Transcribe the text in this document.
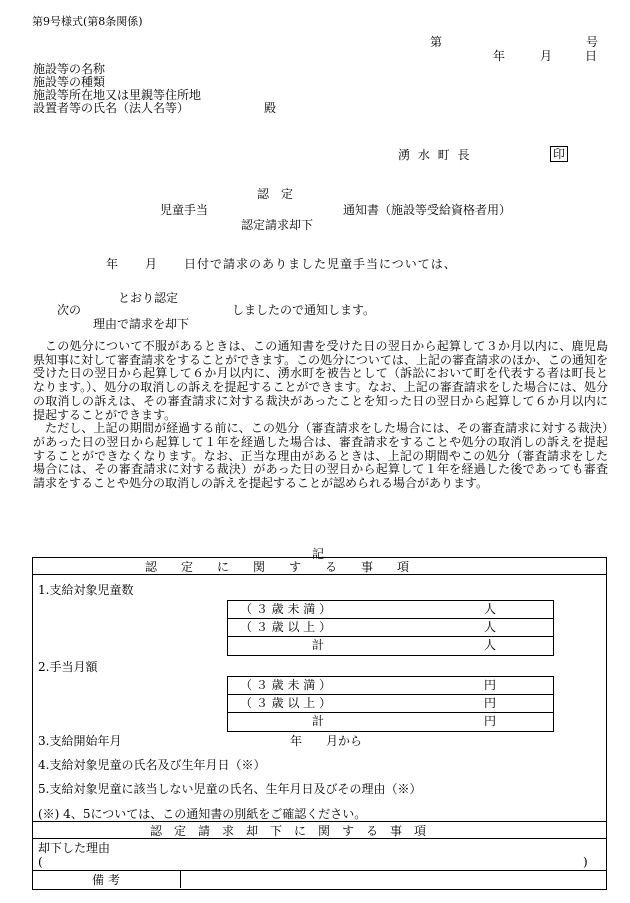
第9号様式(第8条関係)
第	号
年	月	日
施設等の名称
施設等の種類
施設等所在地又は里親等住所地
設置者等の氏名（法人名等）	殿
湧 水 町 長	印
認　定
児童手当	通知書（施設等受給資格者用）
認定請求却下
年　　月　　日付で請求のありました児童手当については、
とおり認定
次の	しましたので通知します。
理由で請求を却下

この処分について不服があるときは、この通知書を受けた日の翌日から起算して３か月以内に、鹿児島県知事に対して審査請求をすることができます。この処分については、上記の審査請求のほか、この通知を受けた日の翌日から起算して６か月以内に、湧水町を被告として（訴訟において町を代表する者は町長となります。）、処分の取消しの訴えを提起することができます。なお、上記の審査請求をした場合には、処分の取消しの訴えは、その審査請求に対する裁決があったことを知った日の翌日から起算して６か月以内に提起することができます。

ただし、上記の期間が経過する前に、この処分（審査請求をした場合には、その審査請求に対する裁決）があった日の翌日から起算して１年を経過した場合は、審査請求をすることや処分の取消しの訴えを提起することができなくなります。なお、正当な理由があるときは、上記の期間やこの処分（審査請求をした場合には、その審査請求に対する裁決）があった日の翌日から起算して１年を経過した後であっても審査請求をすることや処分の取消しの訴えを提起することが認められる場合があります。

記
認　　定　　に　　関　　す　　る　　事　　項
1.支給対象児童数
（ ３ 歳 未 満 ）	人
（ ３ 歳 以 上 ）	人
計	人
2.手当月額
（ ３ 歳 未 満 ）	円
（ ３ 歳 以 上 ）	円
計	円
3.支給開始年月	年　　月から
4.支給対象児童の氏名及び生年月日（※）
5.支給対象児童に該当しない児童の氏名、生年月日及びその理由（※）
(※) 4、5については、この通知書の別紙をご確認ください。
認　定　請　求　却　下　に　関　す　る　事　項
却下した理由
(	)
備考
